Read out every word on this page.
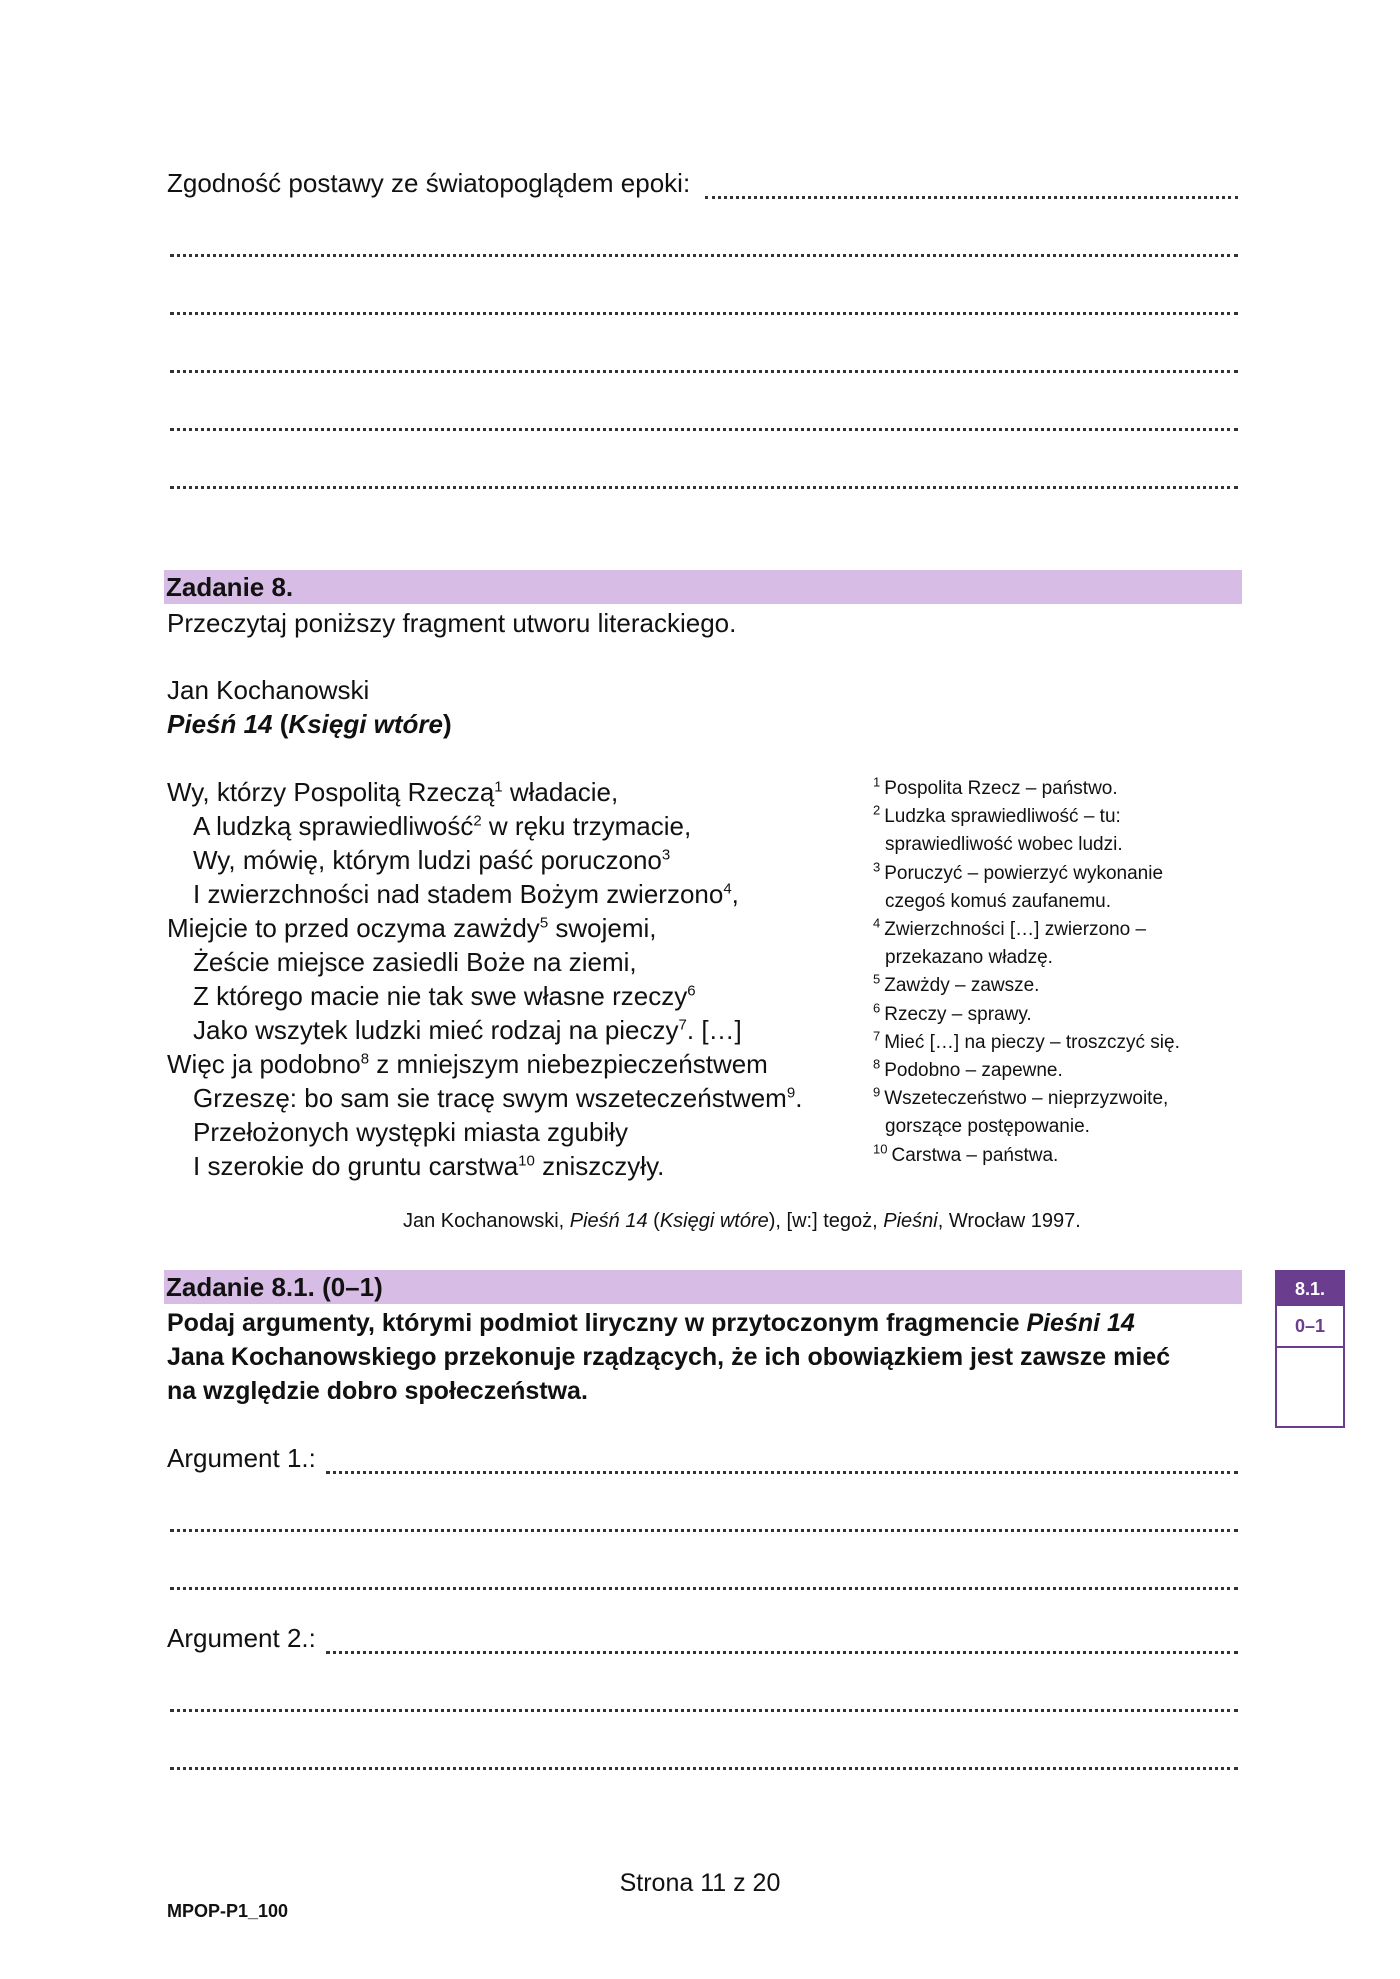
Zgodność postawy ze światopoglądem epoki:
Zadanie 8.
Przeczytaj poniższy fragment utworu literackiego.
Jan Kochanowski
Pieśń 14 (Księgi wtóre)
Wy, którzy Pospolitą Rzeczą$^1$ władacie,
A ludzką sprawiedliwość$^2$ w ręku trzymacie,
Wy, mówię, którym ludzi paść poruczono$^3$
I zwierzchności nad stadem Bożym zwierzono$^4$,
Miejcie to przed oczyma zawżdy$^5$ swojemi,
Żeście miejsce zasiedli Boże na ziemi,
Z którego macie nie tak swe własne rzeczy$^6$
Jako wszytek ludzki mieć rodzaj na pieczy$^7$. […]
Więc ja podobno$^8$ z mniejszym niebezpieczeństwem
Grzeszę: bo sam sie tracę swym wszeteczeństwem$^9$.
Przełożonych występki miasta zgubiły
I szerokie do gruntu carstwa$^{10}$ zniszczyły.
$^1$ Pospolita Rzecz – państwo.
$^2$ Ludzka sprawiedliwość – tu:
sprawiedliwość wobec ludzi.
$^3$ Poruczyć – powierzyć wykonanie
czegoś komuś zaufanemu.
$^4$ Zwierzchności […] zwierzono –
przekazano władzę.
$^5$ Zawżdy – zawsze.
$^6$ Rzeczy – sprawy.
$^7$ Mieć […] na pieczy – troszczyć się.
$^8$ Podobno – zapewne.
$^9$ Wszeteczeństwo – nieprzyzwoite,
gorszące postępowanie.
$^{10}$ Carstwa – państwa.
Jan Kochanowski, Pieśń 14 (Księgi wtóre), [w:] tegoż, Pieśni, Wrocław 1997.
Zadanie 8.1. (0–1)
Podaj argumenty, którymi podmiot liryczny w przytoczonym fragmencie Pieśni 14
Jana Kochanowskiego przekonuje rządzących, że ich obowiązkiem jest zawsze mieć
na względzie dobro społeczeństwa.
8.1.
0–1
Argument 1.:
Argument 2.:
Strona 11 z 20
MPOP-P1_100
